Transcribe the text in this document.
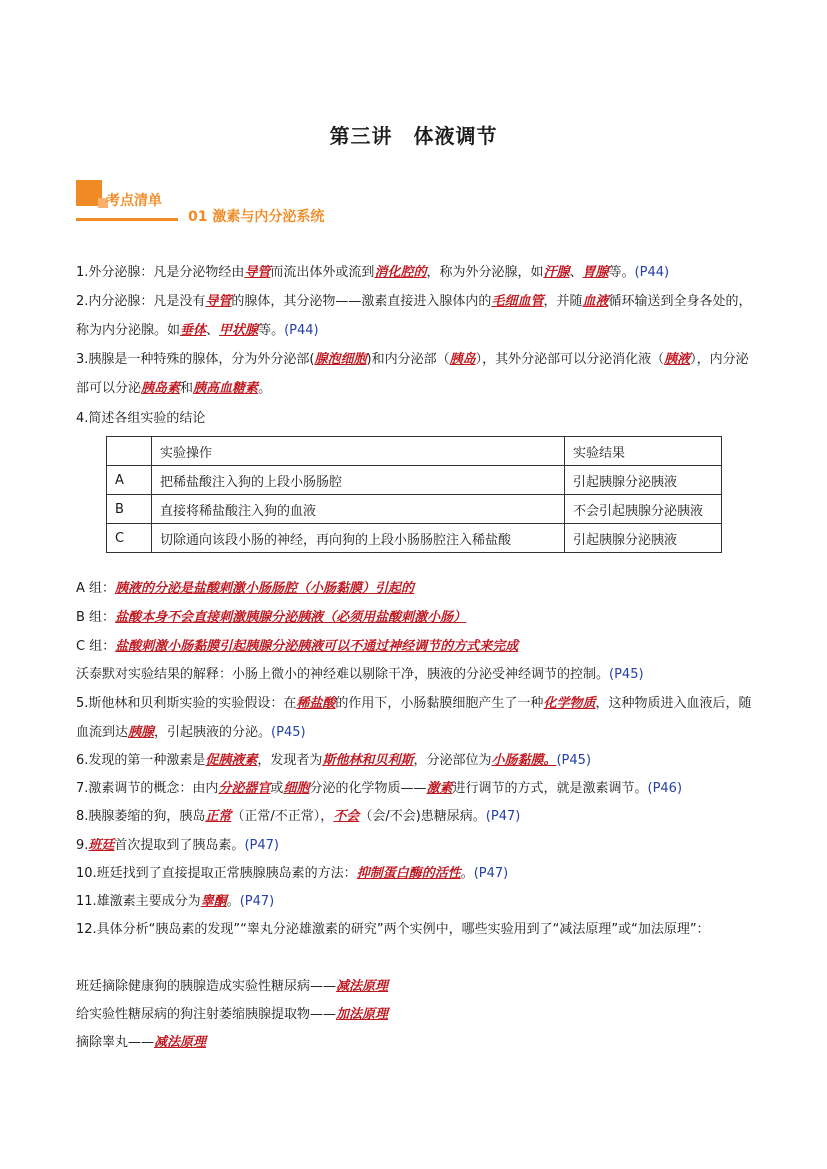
第三讲　体液调节
考点清单
01 激素与内分泌系统
1.外分泌腺：凡是分泌物经由导管而流出体外或流到消化腔的，称为外分泌腺，如汗腺、胃腺等。(P44)
2.内分泌腺：凡是没有导管的腺体，其分泌物——激素直接进入腺体内的毛细血管，并随血液循环输送到全身各处的，称为内分泌腺。如垂体、甲状腺等。(P44)
3.胰腺是一种特殊的腺体，分为外分泌部(腺泡细胞)和内分泌部（胰岛），其外分泌部可以分泌消化液（胰液），内分泌部可以分泌胰岛素和胰高血糖素。
4.简述各组实验的结论
	实验操作	实验结果
A	把稀盐酸注入狗的上段小肠肠腔	引起胰腺分泌胰液
B	直接将稀盐酸注入狗的血液	不会引起胰腺分泌胰液
C	切除通向该段小肠的神经，再向狗的上段小肠肠腔注入稀盐酸	引起胰腺分泌胰液
A 组：胰液的分泌是盐酸刺激小肠肠腔（小肠黏膜）引起的
B 组：盐酸本身不会直接刺激胰腺分泌胰液（必须用盐酸刺激小肠）
C 组：盐酸刺激小肠黏膜引起胰腺分泌胰液可以不通过神经调节的方式来完成
沃泰默对实验结果的解释：小肠上微小的神经难以剔除干净，胰液的分泌受神经调节的控制。(P45)
5.斯他林和贝利斯实验的实验假设：在稀盐酸的作用下，小肠黏膜细胞产生了一种化学物质，这种物质进入血液后，随血流到达胰腺，引起胰液的分泌。(P45)
6.发现的第一种激素是促胰液素，发现者为斯他林和贝利斯，分泌部位为小肠黏膜。(P45)
7.激素调节的概念：由内分泌器官或细胞分泌的化学物质——激素进行调节的方式，就是激素调节。(P46)
8.胰腺萎缩的狗，胰岛正常（正常/不正常），不会（会/不会)患糖尿病。(P47)
9.班廷首次提取到了胰岛素。(P47)
10.班廷找到了直接提取正常胰腺胰岛素的方法：抑制蛋白酶的活性。(P47)
11.雄激素主要成分为睾酮。(P47)
12.具体分析“胰岛素的发现”“睾丸分泌雄激素的研究”两个实例中，哪些实验用到了“减法原理”或“加法原理”：
班廷摘除健康狗的胰腺造成实验性糖尿病——减法原理
给实验性糖尿病的狗注射萎缩胰腺提取物——加法原理
摘除睾丸——减法原理
